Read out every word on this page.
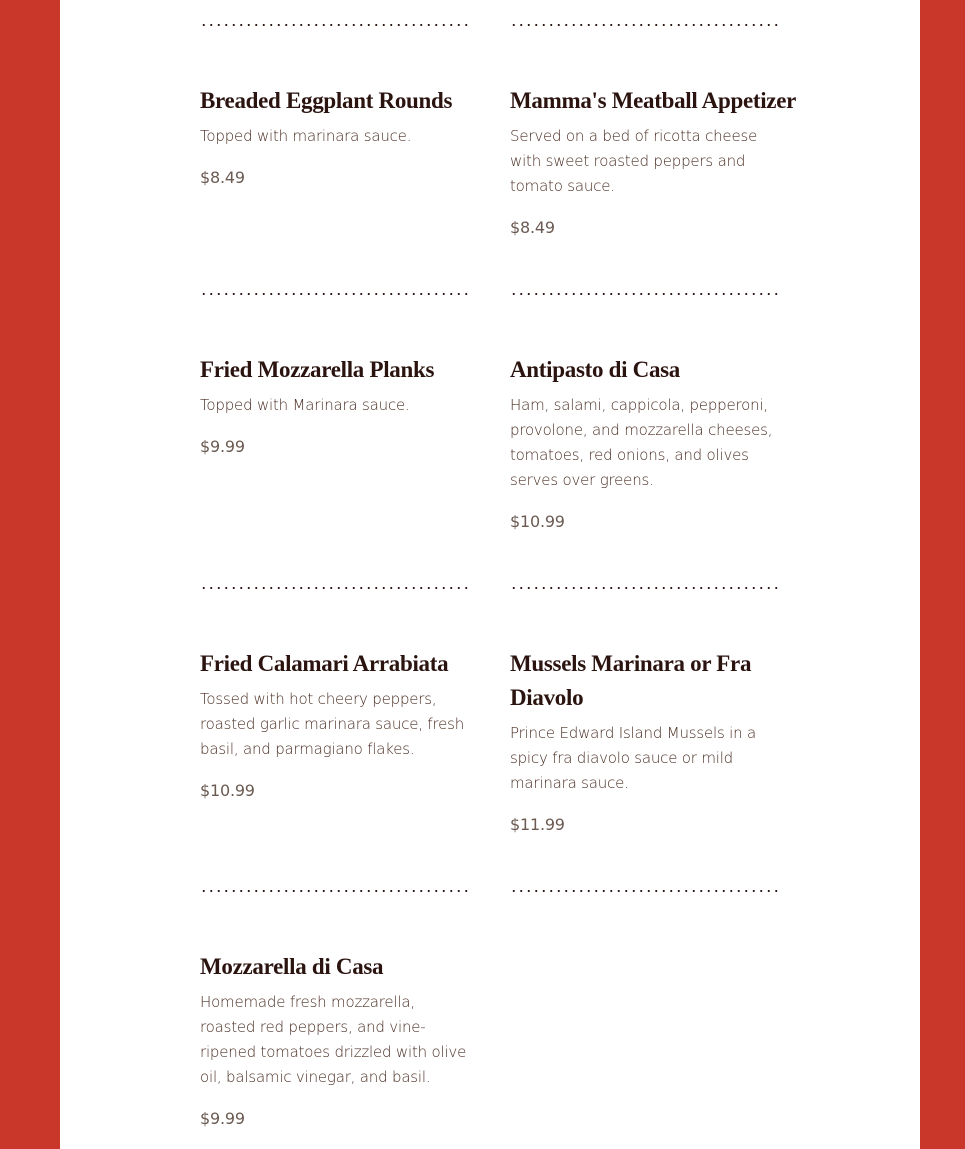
Breaded Eggplant Rounds

Topped with marinara sauce.

$8.49

Mamma's Meatball Appetizer

Served on a bed of ricotta cheese with sweet roasted peppers and tomato sauce.

$8.49

Fried Mozzarella Planks

Topped with Marinara sauce.

$9.99

Antipasto di Casa

Ham, salami, cappicola, pepperoni, provolone, and mozzarella cheeses, tomatoes, red onions, and olives serves over greens.

$10.99

Fried Calamari Arrabiata

Tossed with hot cheery peppers, roasted garlic marinara sauce, fresh basil, and parmagiano flakes.

$10.99

Mussels Marinara or Fra Diavolo

Prince Edward Island Mussels in a spicy fra diavolo sauce or mild marinara sauce.

$11.99

Mozzarella di Casa

Homemade fresh mozzarella, roasted red peppers, and vine-ripened tomatoes drizzled with olive oil, balsamic vinegar, and basil.

$9.99
